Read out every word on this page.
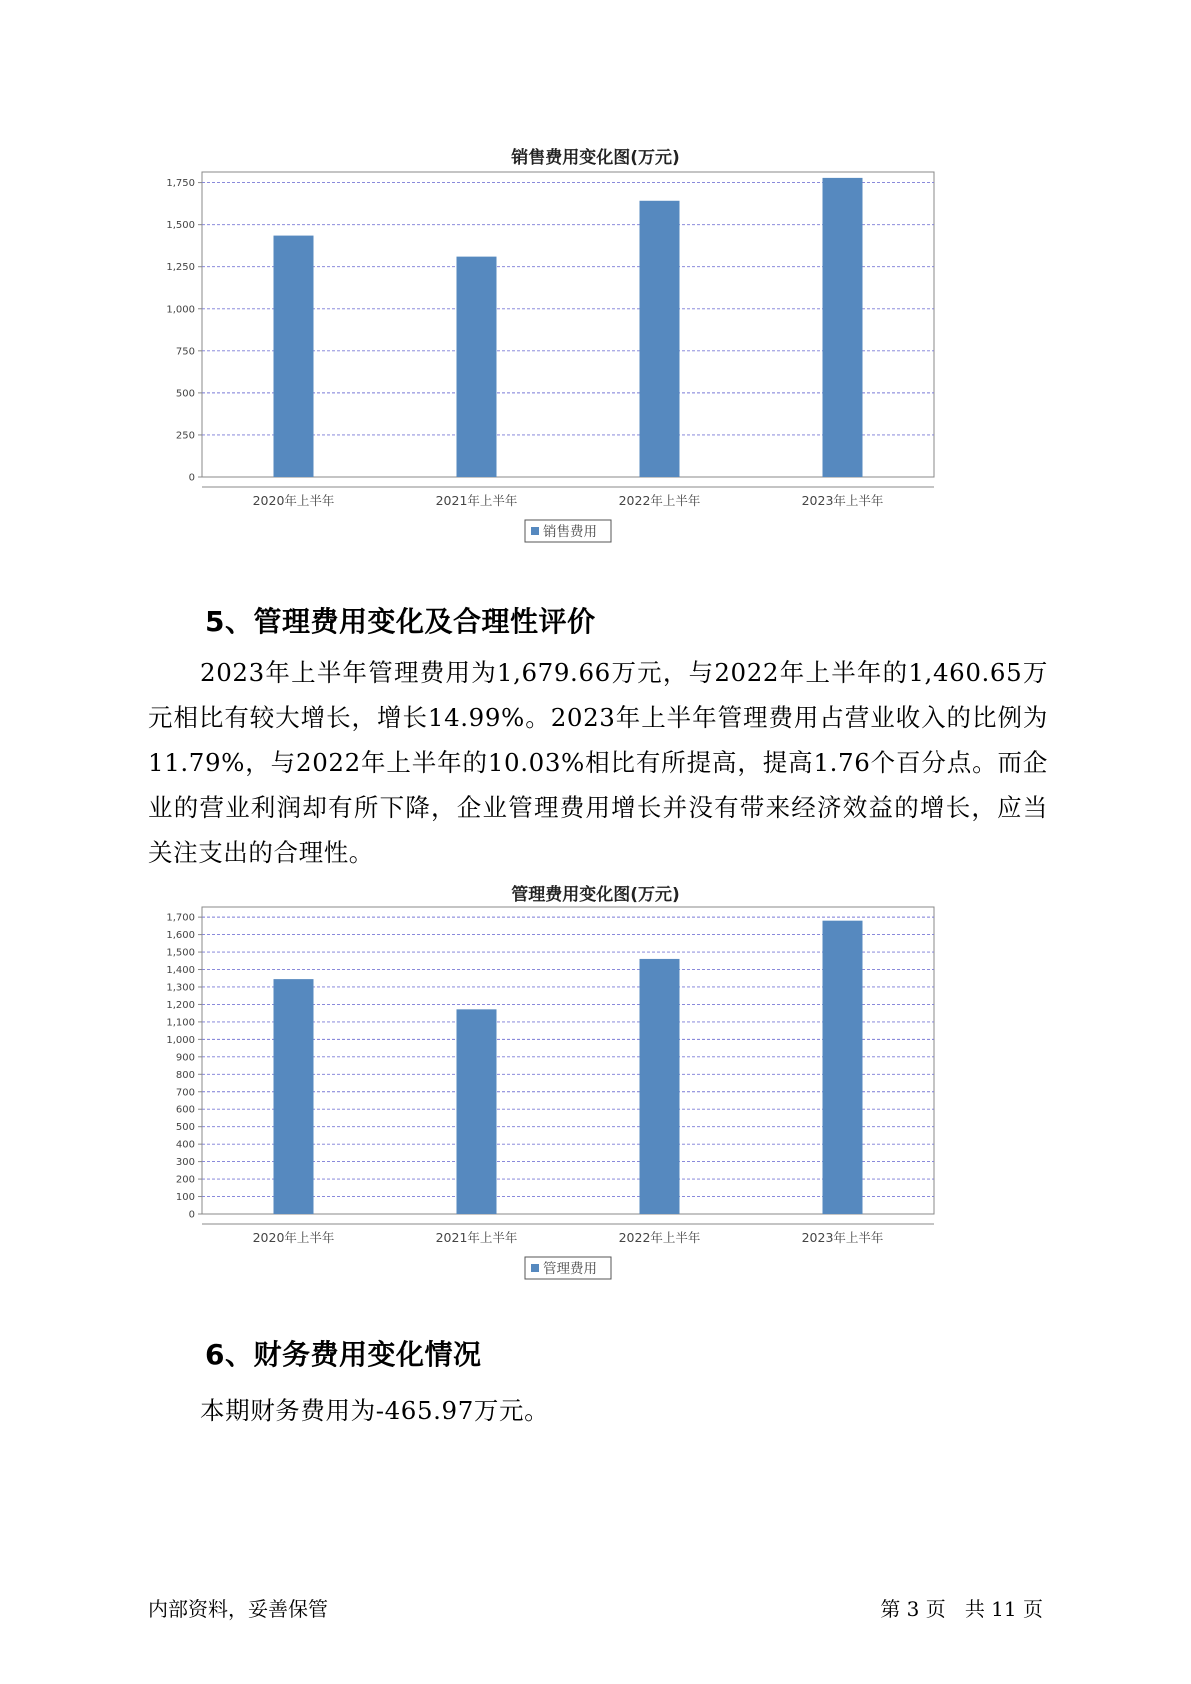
销售费用变化图(万元)
0
250
500
750
1,000
1,250
1,500
1,750
2020年上半年	2021年上半年	2022年上半年	2023年上半年
销售费用
5、管理费用变化及合理性评价

2023年上半年管理费用为1,679.66万元，与2022年上半年的1,460.65万元相比有较大增长，增长14.99%。2023年上半年管理费用占营业收入的比例为11.79%，与2022年上半年的10.03%相比有所提高，提高1.76个百分点。而企业的营业利润却有所下降，企业管理费用增长并没有带来经济效益的增长，应当关注支出的合理性。

管理费用变化图(万元)
0
100
200
300
400
500
600
700
800
900
1,000
1,100
1,200
1,300
1,400
1,500
1,600
1,700
2020年上半年	2021年上半年	2022年上半年	2023年上半年
管理费用
6、财务费用变化情况

本期财务费用为-465.97万元。

内部资料，妥善保管	第 3 页   共 11 页
